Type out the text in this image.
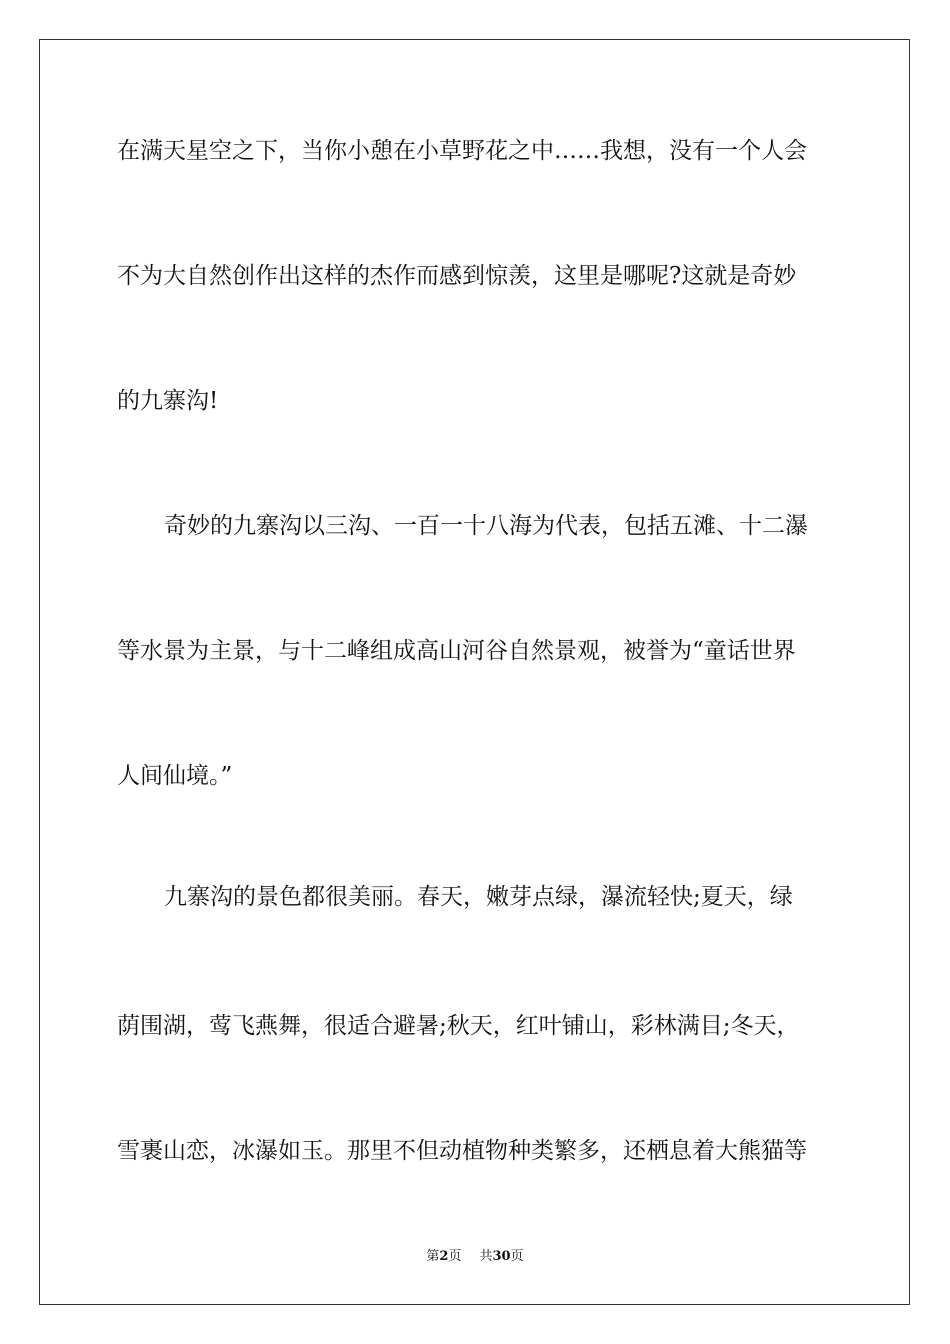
在满天星空之下，当你小憩在小草野花之中……我想，没有一个人会
不为大自然创作出这样的杰作而感到惊羡，这里是哪呢?这就是奇妙
的九寨沟!
奇妙的九寨沟以三沟、一百一十八海为代表，包括五滩、十二瀑
等水景为主景，与十二峰组成高山河谷自然景观，被誉为“童话世界
人间仙境。”
九寨沟的景色都很美丽。春天，嫩芽点绿，瀑流轻快;夏天，绿
荫围湖，莺飞燕舞，很适合避暑;秋天，红叶铺山，彩林满目;冬天，
雪裹山恋，冰瀑如玉。那里不但动植物种类繁多，还栖息着大熊猫等
第2页 共30页
